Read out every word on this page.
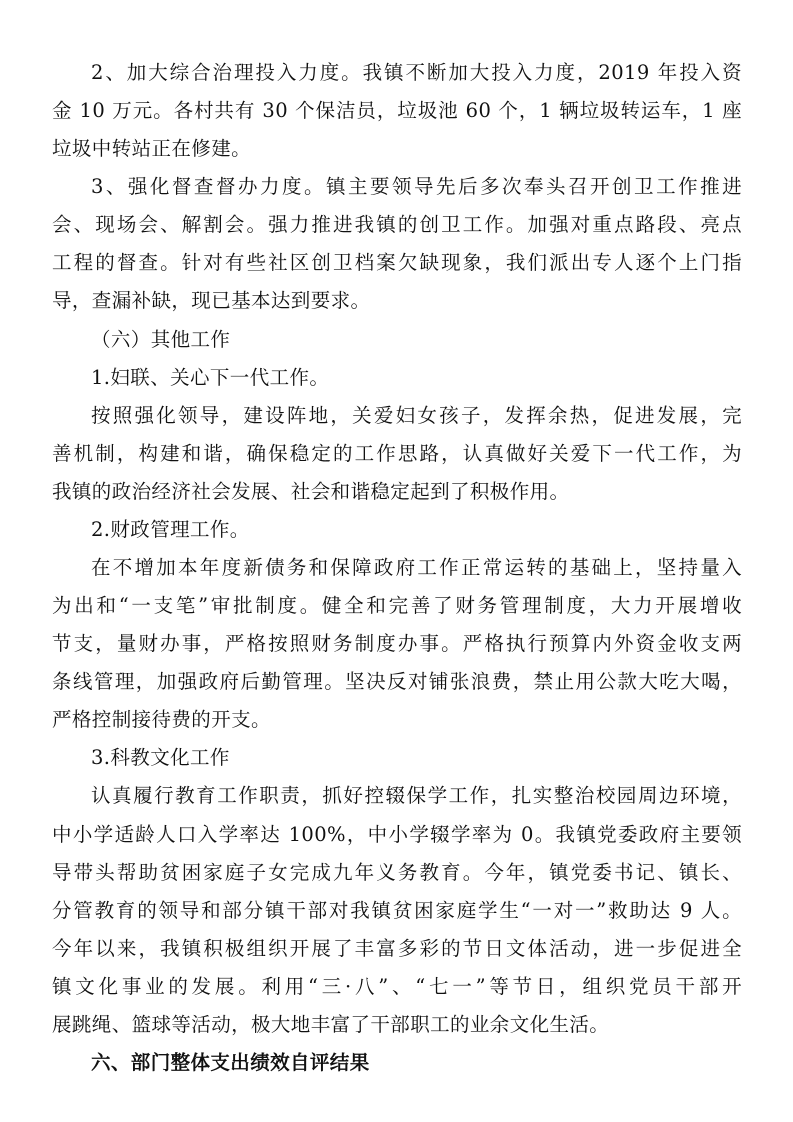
2、加大综合治理投入力度。我镇不断加大投入力度，2019 年投入资
金 10 万元。各村共有 30 个保洁员，垃圾池 60 个，1 辆垃圾转运车，1 座
垃圾中转站正在修建。
3、强化督查督办力度。镇主要领导先后多次奉头召开创卫工作推进
会、现场会、解割会。强力推进我镇的创卫工作。加强对重点路段、亮点
工程的督查。针对有些社区创卫档案欠缺现象，我们派出专人逐个上门指
导，查漏补缺，现已基本达到要求。
（六）其他工作
1.妇联、关心下一代工作。
按照强化领导，建设阵地，关爱妇女孩子，发挥余热，促进发展，完
善机制，构建和谐，确保稳定的工作思路，认真做好关爱下一代工作，为
我镇的政治经济社会发展、社会和谐稳定起到了积极作用。
2.财政管理工作。
在不增加本年度新债务和保障政府工作正常运转的基础上，坚持量入
为出和“一支笔”审批制度。健全和完善了财务管理制度，大力开展增收
节支，量财办事，严格按照财务制度办事。严格执行预算内外资金收支两
条线管理，加强政府后勤管理。坚决反对铺张浪费，禁止用公款大吃大喝，
严格控制接待费的开支。
3.科教文化工作
认真履行教育工作职责，抓好控辍保学工作，扎实整治校园周边环境，
中小学适龄人口入学率达 100%，中小学辍学率为 0。我镇党委政府主要领
导带头帮助贫困家庭子女完成九年义务教育。今年，镇党委书记、镇长、
分管教育的领导和部分镇干部对我镇贫困家庭学生“一对一”救助达 9 人。
今年以来，我镇积极组织开展了丰富多彩的节日文体活动，进一步促进全
镇文化事业的发展。利用“三·八”、“七一”等节日，组织党员干部开
展跳绳、篮球等活动，极大地丰富了干部职工的业余文化生活。
六、部门整体支出绩效自评结果
